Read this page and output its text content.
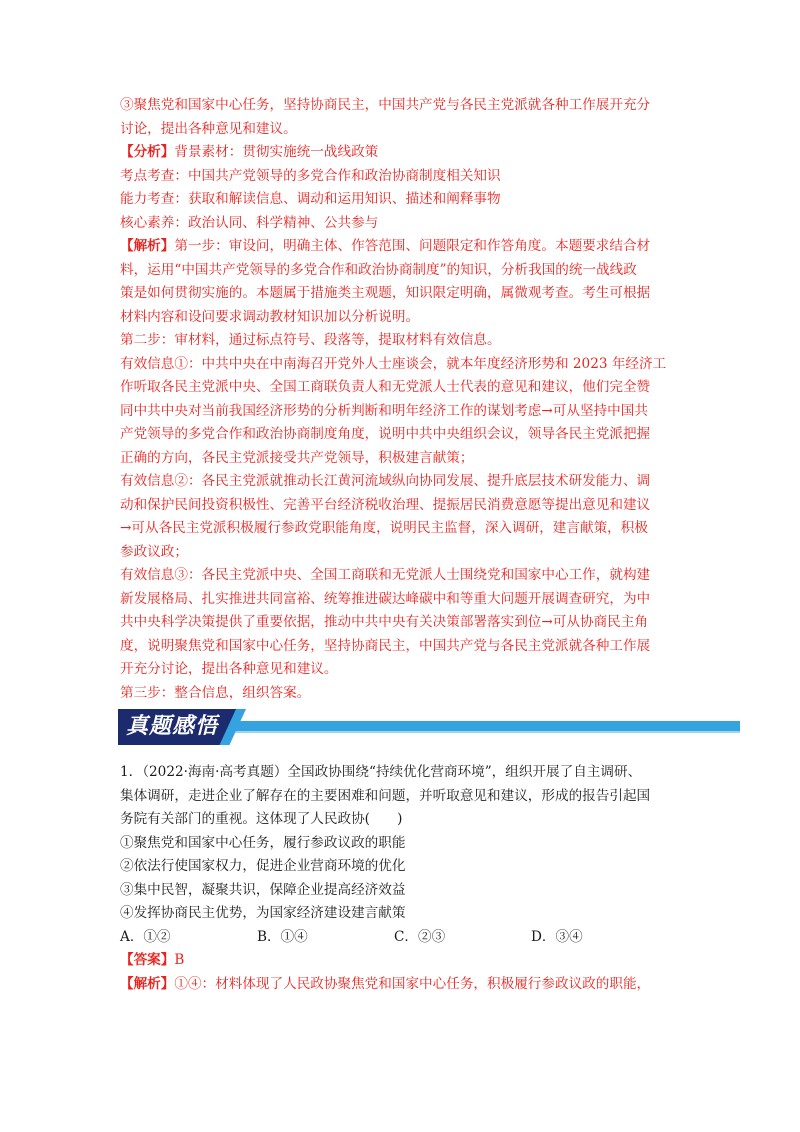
③聚焦党和国家中心任务，坚持协商民主，中国共产党与各民主党派就各种工作展开充分
讨论，提出各种意见和建议。
【分析】背景素材：贯彻实施统一战线政策
考点考查：中国共产党领导的多党合作和政治协商制度相关知识
能力考查：获取和解读信息、调动和运用知识、描述和阐释事物
核心素养：政治认同、科学精神、公共参与
【解析】第一步：审设问，明确主体、作答范围、问题限定和作答角度。本题要求结合材
料，运用“中国共产党领导的多党合作和政治协商制度”的知识，分析我国的统一战线政
策是如何贯彻实施的。本题属于措施类主观题，知识限定明确，属微观考查。考生可根据
材料内容和设问要求调动教材知识加以分析说明。
第二步：审材料，通过标点符号、段落等，提取材料有效信息。
有效信息①：中共中央在中南海召开党外人士座谈会，就本年度经济形势和 2023 年经济工
作听取各民主党派中央、全国工商联负责人和无党派人士代表的意见和建议，他们完全赞
同中共中央对当前我国经济形势的分析判断和明年经济工作的谋划考虑→可从坚持中国共
产党领导的多党合作和政治协商制度角度，说明中共中央组织会议，领导各民主党派把握
正确的方向，各民主党派接受共产党领导，积极建言献策；
有效信息②：各民主党派就推动长江黄河流域纵向协同发展、提升底层技术研发能力、调
动和保护民间投资积极性、完善平台经济税收治理、提振居民消费意愿等提出意见和建议
→可从各民主党派积极履行参政党职能角度，说明民主监督，深入调研，建言献策，积极
参政议政；
有效信息③：各民主党派中央、全国工商联和无党派人士围绕党和国家中心工作，就构建
新发展格局、扎实推进共同富裕、统筹推进碳达峰碳中和等重大问题开展调查研究，为中
共中央科学决策提供了重要依据，推动中共中央有关决策部署落实到位→可从协商民主角
度，说明聚焦党和国家中心任务，坚持协商民主，中国共产党与各民主党派就各种工作展
开充分讨论，提出各种意见和建议。
第三步：整合信息，组织答案。
真题感悟
1．（2022·海南·高考真题）全国政协围绕“持续优化营商环境”，组织开展了自主调研、
集体调研，走进企业了解存在的主要困难和问题，并听取意见和建议，形成的报告引起国
务院有关部门的重视。这体现了人民政协(　　)
①聚焦党和国家中心任务，履行参政议政的职能
②依法行使国家权力，促进企业营商环境的优化
③集中民智，凝聚共识，保障企业提高经济效益
④发挥协商民主优势，为国家经济建设建言献策
A．①②	B．①④	C．②③	D．③④
【答案】B
【解析】①④：材料体现了人民政协聚焦党和国家中心任务，积极履行参政议政的职能，
